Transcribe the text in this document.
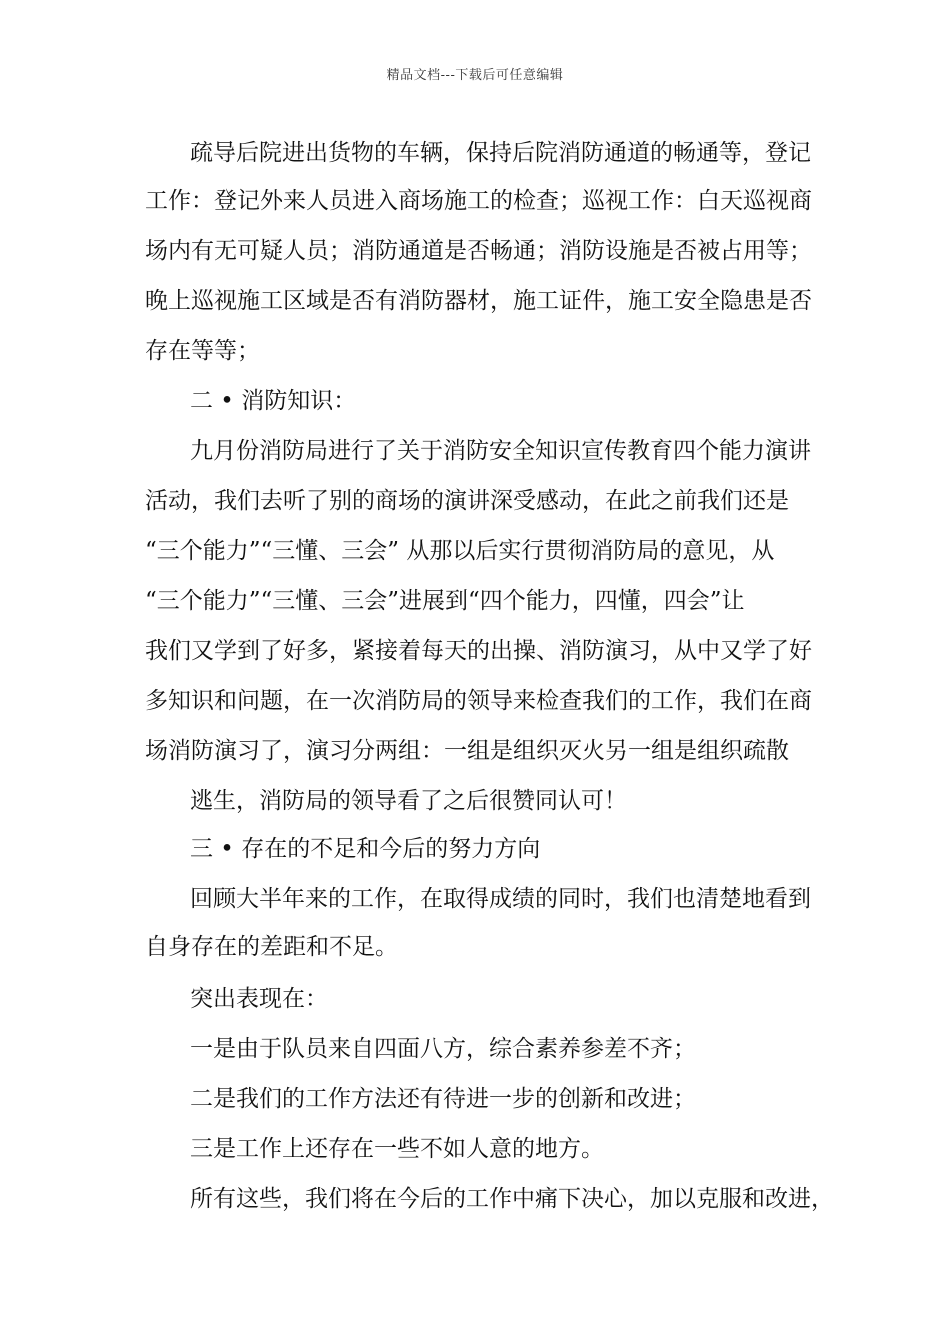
精品文档---下载后可任意编辑
疏导后院进出货物的车辆，保持后院消防通道的畅通等，登记
工作：登记外来人员进入商场施工的检查；巡视工作：白天巡视商
场内有无可疑人员；消防通道是否畅通；消防设施是否被占用等；
晚上巡视施工区域是否有消防器材，施工证件，施工安全隐患是否
存在等等；
二 • 消防知识：
九月份消防局进行了关于消防安全知识宣传教育四个能力演讲
活动，我们去听了别的商场的演讲深受感动，在此之前我们还是
“三个能力”“三懂、三会” 从那以后实行贯彻消防局的意见，从
“三个能力”“三懂、三会”进展到“四个能力，四懂，四会”让
我们又学到了好多，紧接着每天的出操、消防演习，从中又学了好
多知识和问题，在一次消防局的领导来检查我们的工作，我们在商
场消防演习了，演习分两组：一组是组织灭火另一组是组织疏散
逃生，消防局的领导看了之后很赞同认可！
三 • 存在的不足和今后的努力方向
回顾大半年来的工作，在取得成绩的同时，我们也清楚地看到
自身存在的差距和不足。
突出表现在：
一是由于队员来自四面八方，综合素养参差不齐；
二是我们的工作方法还有待进一步的创新和改进；
三是工作上还存在一些不如人意的地方。
所有这些，我们将在今后的工作中痛下决心，加以克服和改进，
